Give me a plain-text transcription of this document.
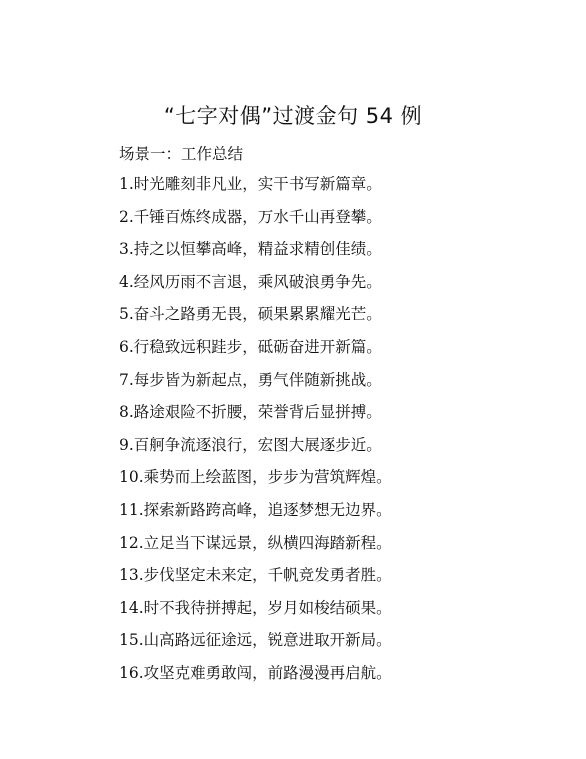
“七字对偶”过渡金句 54 例
场景一：工作总结
1.时光雕刻非凡业，实干书写新篇章。
2.千锤百炼终成器，万水千山再登攀。
3.持之以恒攀高峰，精益求精创佳绩。
4.经风历雨不言退，乘风破浪勇争先。
5.奋斗之路勇无畏，硕果累累耀光芒。
6.行稳致远积跬步，砥砺奋进开新篇。
7.每步皆为新起点，勇气伴随新挑战。
8.路途艰险不折腰，荣誉背后显拼搏。
9.百舸争流逐浪行，宏图大展逐步近。
10.乘势而上绘蓝图，步步为营筑辉煌。
11.探索新路跨高峰，追逐梦想无边界。
12.立足当下谋远景，纵横四海踏新程。
13.步伐坚定未来定，千帆竞发勇者胜。
14.时不我待拼搏起，岁月如梭结硕果。
15.山高路远征途远，锐意进取开新局。
16.攻坚克难勇敢闯，前路漫漫再启航。
